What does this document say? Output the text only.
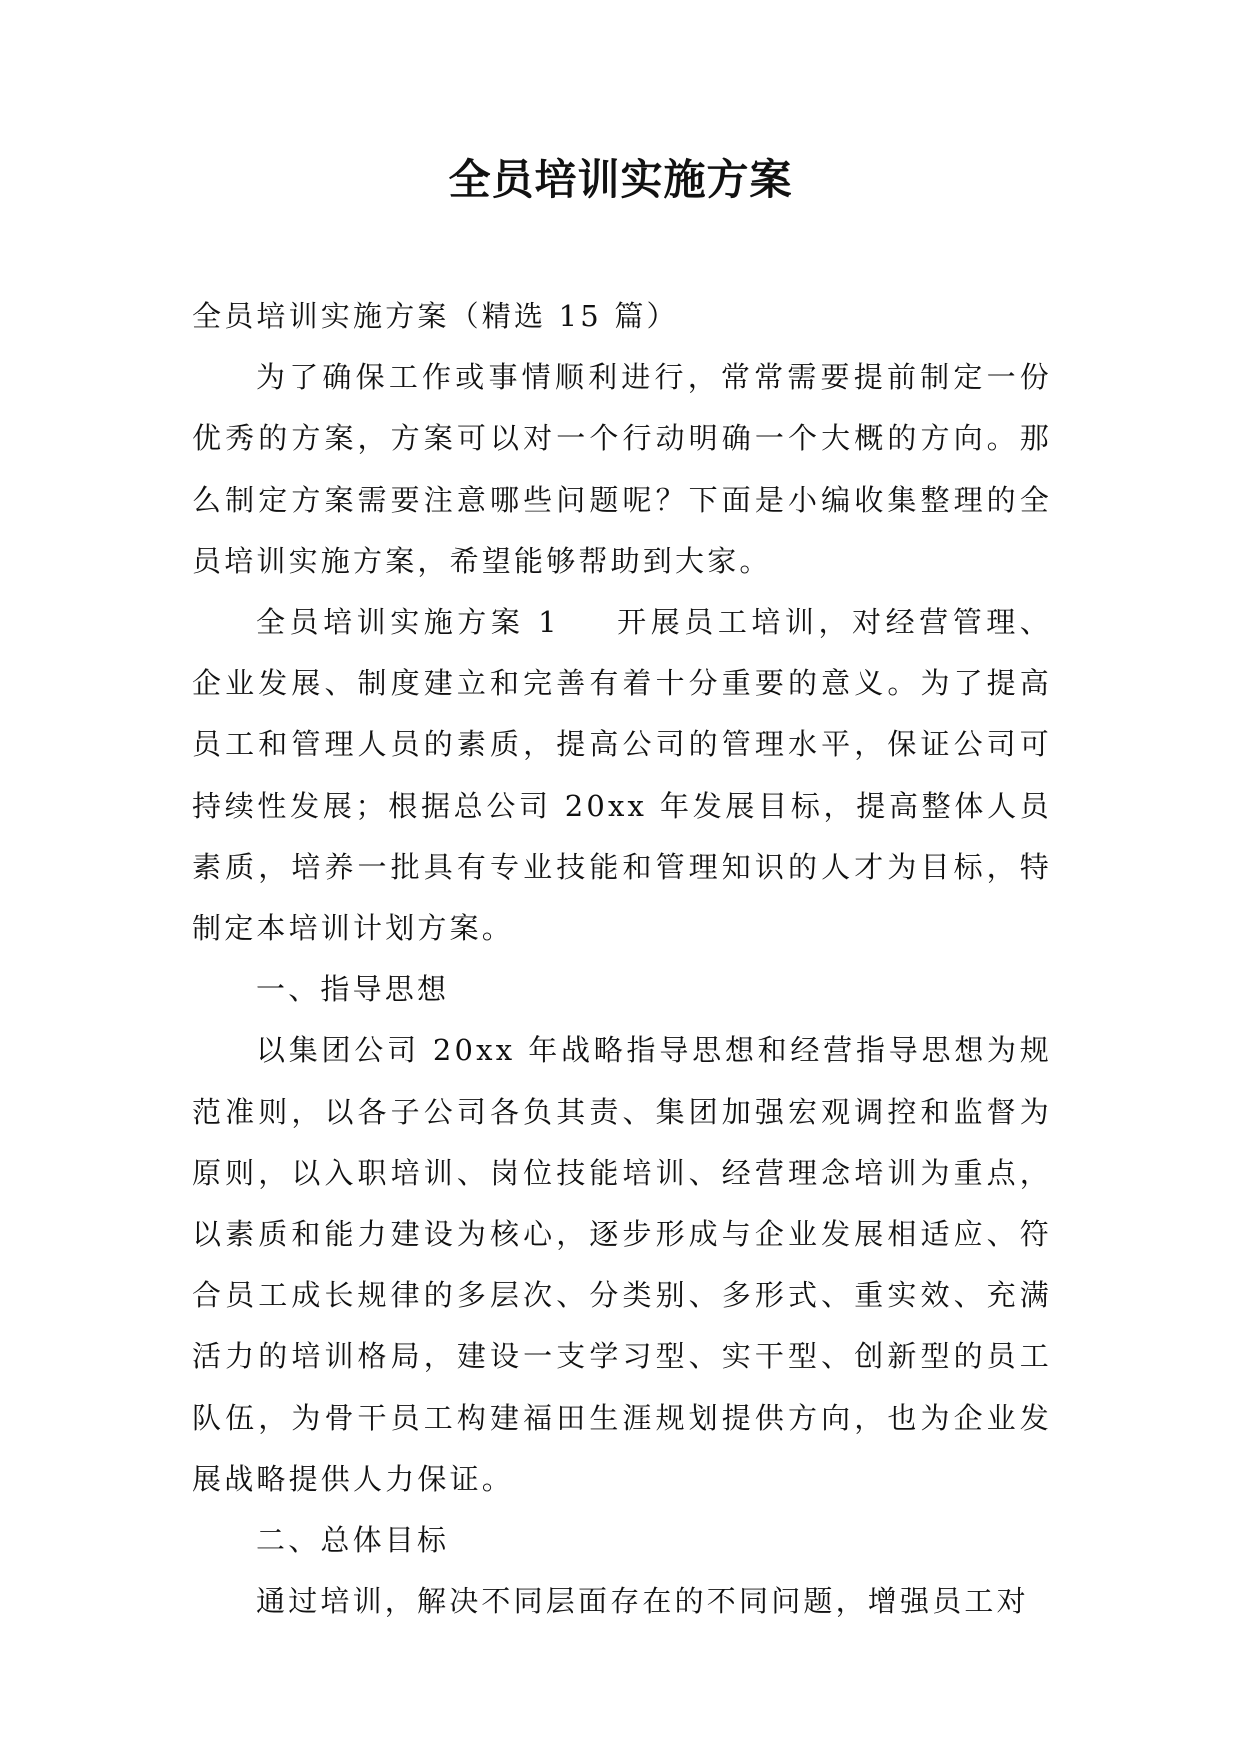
全员培训实施方案

全员培训实施方案（精选 15 篇）

为了确保工作或事情顺利进行，常常需要提前制定一份优秀的方案，方案可以对一个行动明确一个大概的方向。那么制定方案需要注意哪些问题呢？下面是小编收集整理的全员培训实施方案，希望能够帮助到大家。

全员培训实施方案 1 开展员工培训，对经营管理、企业发展、制度建立和完善有着十分重要的意义。为了提高员工和管理人员的素质，提高公司的管理水平，保证公司可持续性发展；根据总公司 20xx 年发展目标，提高整体人员素质，培养一批具有专业技能和管理知识的人才为目标，特制定本培训计划方案。

一、指导思想

以集团公司 20xx 年战略指导思想和经营指导思想为规范准则，以各子公司各负其责、集团加强宏观调控和监督为原则，以入职培训、岗位技能培训、经营理念培训为重点，以素质和能力建设为核心，逐步形成与企业发展相适应、符合员工成长规律的多层次、分类别、多形式、重实效、充满活力的培训格局，建设一支学习型、实干型、创新型的员工队伍，为骨干员工构建福田生涯规划提供方向，也为企业发展战略提供人力保证。

二、总体目标

通过培训，解决不同层面存在的不同问题，增强员工对
